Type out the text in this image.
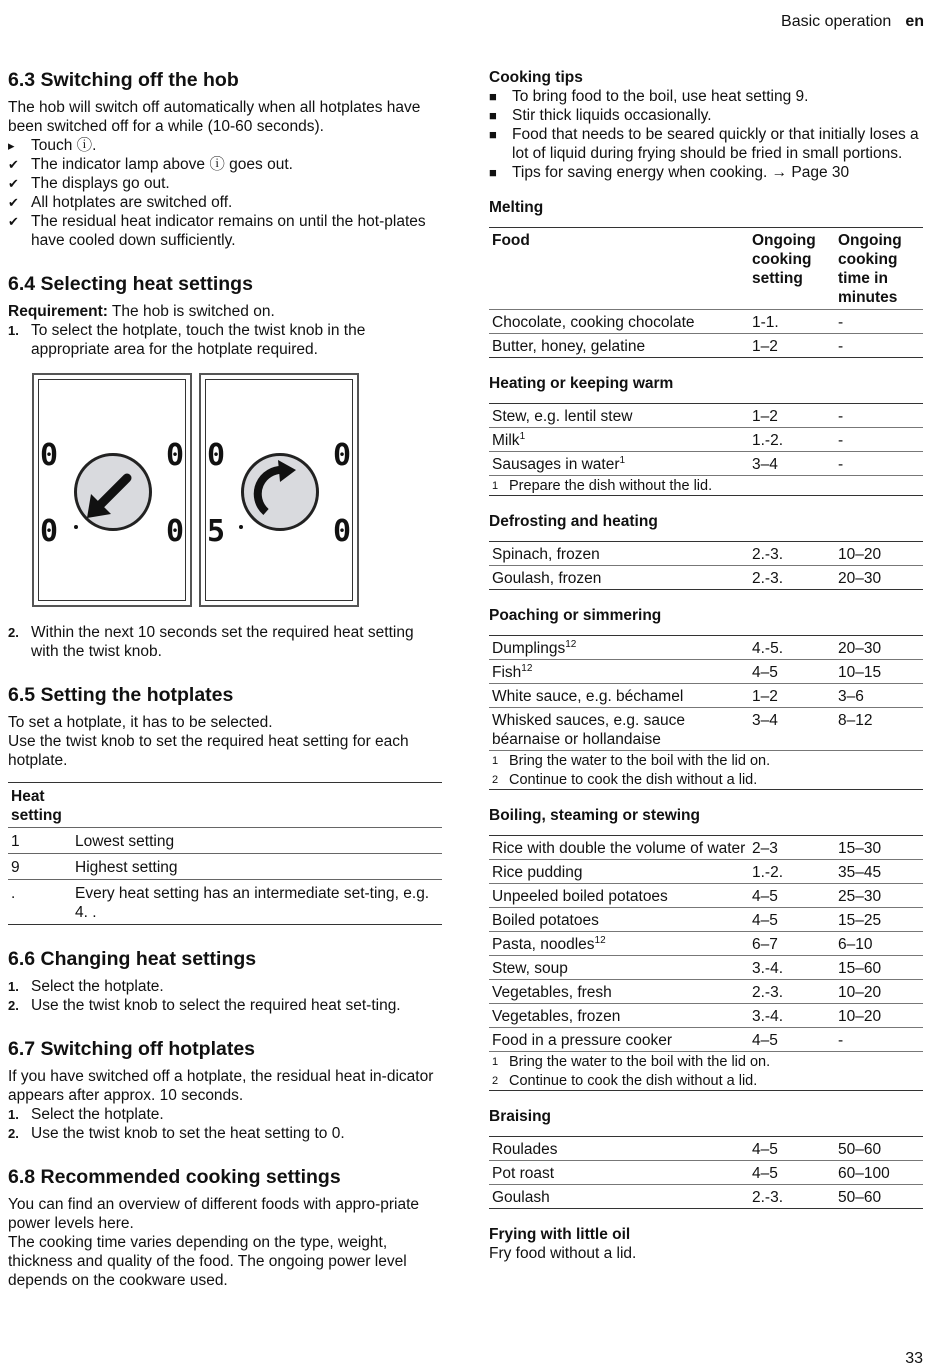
Basic operation en
6.3 Switching off the hob

The hob will switch off automatically when all hotplates have been switched off for a while (10-60 seconds).

▸	Touch ⓘ.
✔ The indicator lamp above ⓘ goes out.
✔ The displays go out.
✔ All hotplates are switched off.
✔ The residual heat indicator remains on until the hot-plates have cooled down sufficiently.
6.4 Selecting heat settings

Requirement: The hob is switched on.

1. To select the hotplate, touch the twist knob in the appropriate area for the hotplate required.
0	0
0	0
0	0
5	0
2. Within the next 10 seconds set the required heat setting with the twist knob.
6.5 Setting the hotplates

To set a hotplate, it has to be selected.

Use the twist knob to set the required heat setting for each hotplate.

Heat setting	
1	Lowest setting
9	Highest setting
.	Every heat setting has an intermediate set-ting, e.g. 4. .
6.6 Changing heat settings
1. Select the hotplate.
2. Use the twist knob to select the required heat set-ting.
6.7 Switching off hotplates

If you have switched off a hotplate, the residual heat in-dicator appears after approx. 10 seconds.

1. Select the hotplate.
2. Use the twist knob to set the heat setting to 0.
6.8 Recommended cooking settings

You can find an overview of different foods with appro-priate power levels here.

The cooking time varies depending on the type, weight, thickness and quality of the food. The ongoing power level depends on the cookware used.

Cooking tips

■ To bring food to the boil, use heat setting 9.
■ Stir thick liquids occasionally.
■ Food that needs to be seared quickly or that initially loses a lot of liquid during frying should be fried in small portions.
■ Tips for saving energy when cooking. → Page 30

Melting

Food	Ongoing cooking setting	Ongoing cooking time in minutes
Chocolate, cooking chocolate	1-1.	-
Butter, honey, gelatine	1–2	-

Heating or keeping warm

Stew, e.g. lentil stew	1–2	-
Milk$^1$	1.-2.	-
Sausages in water$^1$	3–4	-

1 Prepare the dish without the lid.		

Defrosting and heating

Spinach, frozen	2.-3.	10–20
Goulash, frozen	2.-3.	20–30

Poaching or simmering

Dumplings$^{12}$	4.-5.	20–30
Fish$^{12}$	4–5	10–15
White sauce, e.g. béchamel	1–2	3–6
Whisked sauces, e.g. sauce béarnaise or hollandaise	3–4	8–12

1 Bring the water to the boil with the lid on.		

2 Continue to cook the dish without a lid.		

Boiling, steaming or stewing

Rice with double the volume of water	2–3	15–30
Rice pudding	1.-2.	35–45
Unpeeled boiled potatoes	4–5	25–30
Boiled potatoes	4–5	15–25
Pasta, noodles$^{12}$	6–7	6–10
Stew, soup	3.-4.	15–60
Vegetables, fresh	2.-3.	10–20
Vegetables, frozen	3.-4.	10–20
Food in a pressure cooker	4–5	-

1 Bring the water to the boil with the lid on.		

2 Continue to cook the dish without a lid.		

Braising

Roulades	4–5	50–60
Pot roast	4–5	60–100
Goulash	2.-3.	50–60

Frying with little oil

Fry food without a lid.

33
